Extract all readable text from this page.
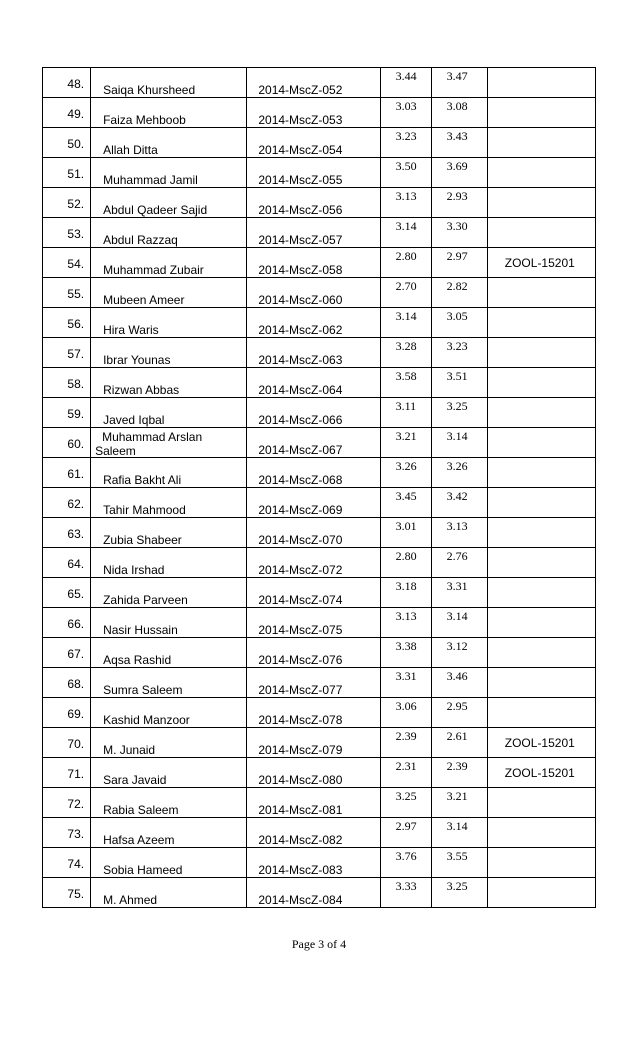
48.	Saiqa Khursheed	2014-MscZ-052	3.44	3.47	

49.	Faiza Mehboob	2014-MscZ-053	3.03	3.08	

50.	Allah Ditta	2014-MscZ-054	3.23	3.43	

51.	Muhammad Jamil	2014-MscZ-055	3.50	3.69	

52.	Abdul Qadeer Sajid	2014-MscZ-056	3.13	2.93	

53.	Abdul Razzaq	2014-MscZ-057	3.14	3.30	

54.	Muhammad Zubair	2014-MscZ-058	2.80	2.97	ZOOL-15201

55.	Mubeen Ameer	2014-MscZ-060	2.70	2.82	

56.	Hira Waris	2014-MscZ-062	3.14	3.05	

57.	Ibrar Younas	2014-MscZ-063	3.28	3.23	

58.	Rizwan Abbas	2014-MscZ-064	3.58	3.51	

59.	Javed Iqbal	2014-MscZ-066	3.11	3.25	

60.	Muhammad Arslan Saleem	2014-MscZ-067	3.21	3.14	

61.	Rafia Bakht Ali	2014-MscZ-068	3.26	3.26	

62.	Tahir Mahmood	2014-MscZ-069	3.45	3.42	

63.	Zubia Shabeer	2014-MscZ-070	3.01	3.13	

64.	Nida Irshad	2014-MscZ-072	2.80	2.76	

65.	Zahida Parveen	2014-MscZ-074	3.18	3.31	

66.	Nasir Hussain	2014-MscZ-075	3.13	3.14	

67.	Aqsa Rashid	2014-MscZ-076	3.38	3.12	

68.	Sumra Saleem	2014-MscZ-077	3.31	3.46	

69.	Kashid Manzoor	2014-MscZ-078	3.06	2.95	

70.	M. Junaid	2014-MscZ-079	2.39	2.61	ZOOL-15201

71.	Sara Javaid	2014-MscZ-080	2.31	2.39	ZOOL-15201

72.	Rabia Saleem	2014-MscZ-081	3.25	3.21	

73.	Hafsa Azeem	2014-MscZ-082	2.97	3.14	

74.	Sobia Hameed	2014-MscZ-083	3.76	3.55	

75.	M. Ahmed	2014-MscZ-084	3.33	3.25	

Page 3 of 4
